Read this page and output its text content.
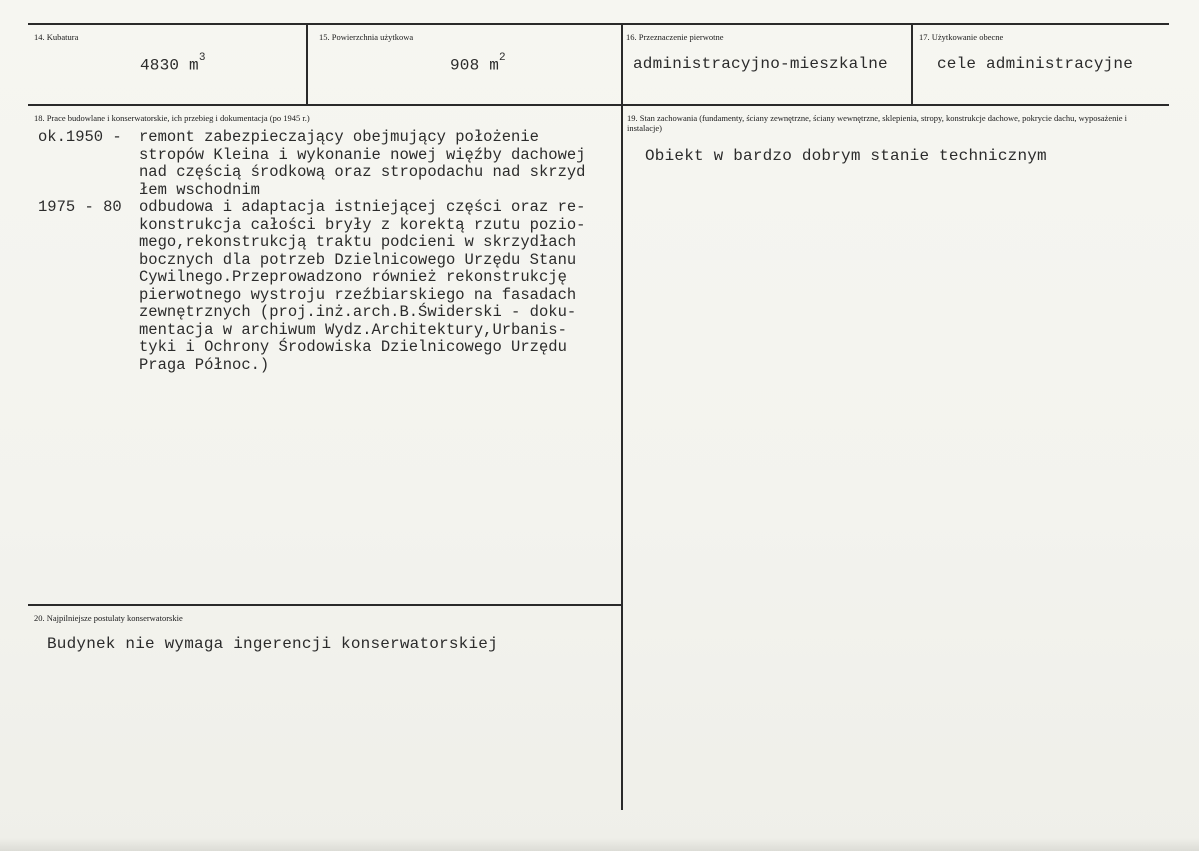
14. Kubatura
4830 $m^3$
15. Powierzchnia użytkowa
908 $m^2$
16. Przeznaczenie pierwotne
administracyjno-mieszkalne
17. Użytkowanie obecne
cele administracyjne
18. Prace budowlane i konserwatorskie, ich przebieg i dokumentacja (po 1945 r.)
ok.1950 - remont zabezpieczający obejmujący położenie
stropów Kleina i wykonanie nowej więźby dachowej
nad częścią środkową oraz stropodachu nad skrzyd
łem wschodnim
1975 - 80 odbudowa i adaptacja istniejącej części oraz re-
konstrukcja całości bryły z korektą rzutu pozio-
mego,rekonstrukcją traktu podcieni w skrzydłach
bocznych dla potrzeb Dzielnicowego Urzędu Stanu
Cywilnego.Przeprowadzono również rekonstrukcję
pierwotnego wystroju rzeźbiarskiego na fasadach
zewnętrznych (proj.inż.arch.B.Świderski - doku-
mentacja w archiwum Wydz.Architektury,Urbanis-
tyki i Ochrony Środowiska Dzielnicowego Urzędu
Praga Północ.)
19. Stan zachowania (fundamenty, ściany zewnętrzne, ściany wewnętrzne, sklepienia, stropy, konstrukcje dachowe, pokrycie dachu, wyposażenie i instalacje)
Obiekt w bardzo dobrym stanie technicznym
20. Najpilniejsze postulaty konserwatorskie
Budynek nie wymaga ingerencji konserwatorskiej
